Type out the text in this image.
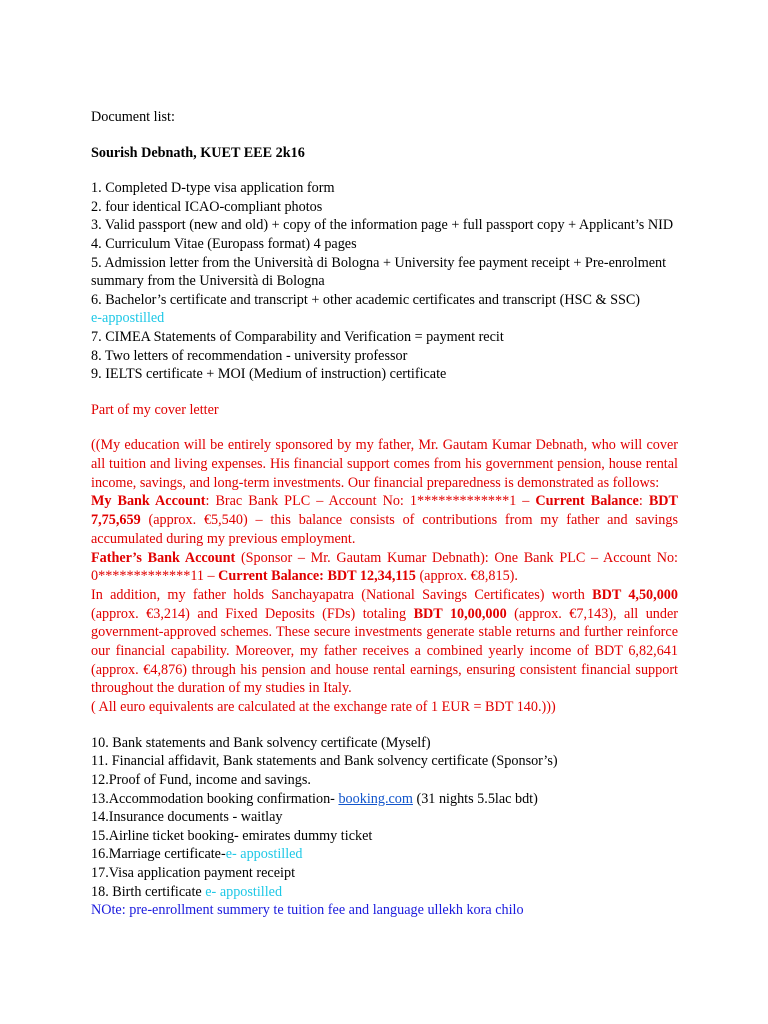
Document list:
Sourish Debnath, KUET EEE 2k16
1. Completed D-type visa application form
2. four identical ICAO-compliant photos
3. Valid passport (new and old) + copy of the information page + full passport copy + Applicant’s NID
4. Curriculum Vitae (Europass format) 4 pages
5. Admission letter from the Università di Bologna + University fee payment receipt + Pre-enrolment summary from the Università di Bologna
6. Bachelor’s certificate and transcript + other academic certificates and transcript (HSC & SSC)
e-appostilled
7. CIMEA Statements of Comparability and Verification = payment recit
8. Two letters of recommendation - university professor
9. IELTS certificate + MOI (Medium of instruction) certificate
Part of my cover letter

((My education will be entirely sponsored by my father, Mr. Gautam Kumar Debnath, who will cover all tuition and living expenses. His financial support comes from his government pension, house rental income, savings, and long-term investments. Our financial preparedness is demonstrated as follows:

My Bank Account: Brac Bank PLC – Account No: 1*************1 – Current Balance: BDT 7,75,659 (approx. €5,540) – this balance consists of contributions from my father and savings accumulated during my previous employment.

Father’s Bank Account (Sponsor – Mr. Gautam Kumar Debnath): One Bank PLC – Account No: 0*************11 – Current Balance: BDT 12,34,115 (approx. €8,815).

In addition, my father holds Sanchayapatra (National Savings Certificates) worth BDT 4,50,000 (approx. €3,214) and Fixed Deposits (FDs) totaling BDT 10,00,000 (approx. €7,143), all under government-approved schemes. These secure investments generate stable returns and further reinforce our financial capability. Moreover, my father receives a combined yearly income of BDT 6,82,641 (approx. €4,876) through his pension and house rental earnings, ensuring consistent financial support throughout the duration of my studies in Italy.

( All euro equivalents are calculated at the exchange rate of 1 EUR = BDT 140.)))

10. Bank statements and Bank solvency certificate (Myself)
11. Financial affidavit, Bank statements and Bank solvency certificate (Sponsor’s)
12.Proof of Fund, income and savings.
13.Accommodation booking confirmation- booking.com (31 nights 5.5lac bdt)
14.Insurance documents - waitlay
15.Airline ticket booking- emirates dummy ticket
16.Marriage certificate-e- appostilled
17.Visa application payment receipt
18. Birth certificate e- appostilled
NOte: pre-enrollment summery te tuition fee and language ullekh kora chilo
